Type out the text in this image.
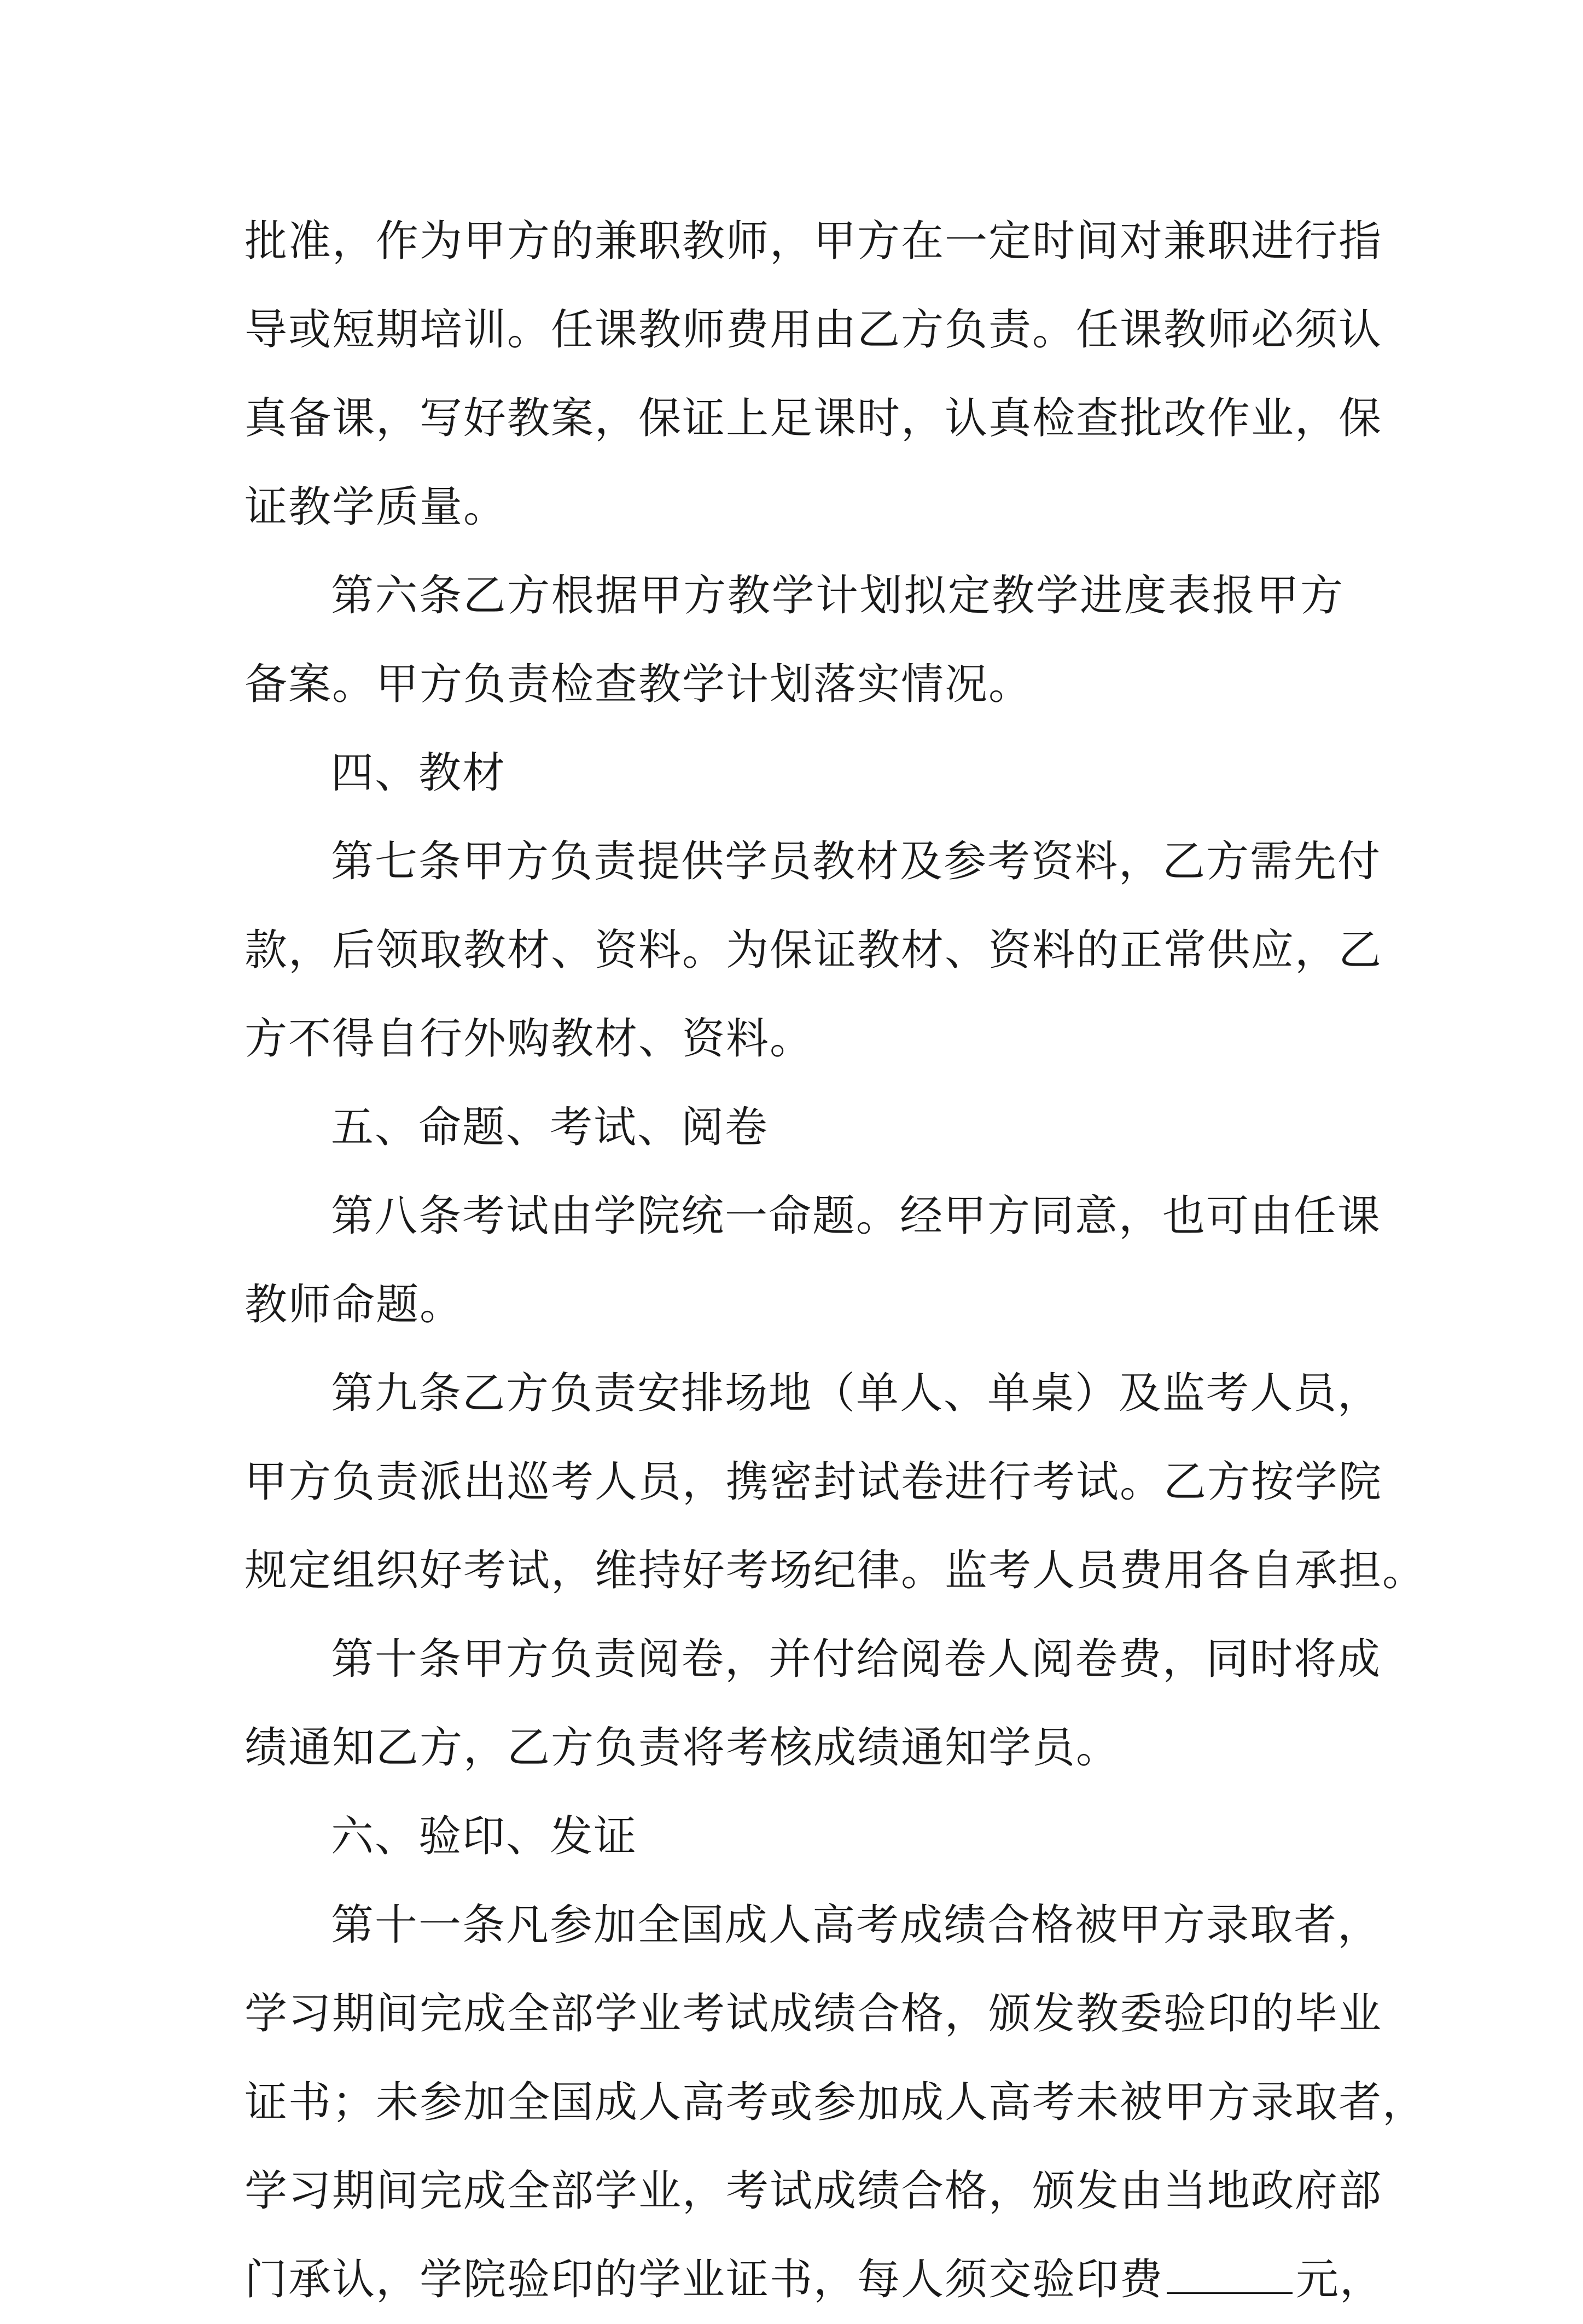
批准，作为甲方的兼职教师，甲方在一定时间对兼职进行指
导或短期培训。任课教师费用由乙方负责。任课教师必须认
真备课，写好教案，保证上足课时，认真检查批改作业，保
证教学质量。
第六条乙方根据甲方教学计划拟定教学进度表报甲方
备案。甲方负责检查教学计划落实情况。
四、教材
第七条甲方负责提供学员教材及参考资料，乙方需先付
款，后领取教材、资料。为保证教材、资料的正常供应，乙
方不得自行外购教材、资料。
五、命题、考试、阅卷
第八条考试由学院统一命题。经甲方同意，也可由任课
教师命题。
第九条乙方负责安排场地（单人、单桌）及监考人员，
甲方负责派出巡考人员，携密封试卷进行考试。乙方按学院
规定组织好考试，维持好考场纪律。监考人员费用各自承担。
第十条甲方负责阅卷，并付给阅卷人阅卷费，同时将成
绩通知乙方，乙方负责将考核成绩通知学员。
六、验印、发证
第十一条凡参加全国成人高考成绩合格被甲方录取者，
学习期间完成全部学业考试成绩合格，颁发教委验印的毕业
证书；未参加全国成人高考或参加成人高考未被甲方录取者，
学习期间完成全部学业，考试成绩合格，颁发由当地政府部
门承认，学院验印的学业证书，每人须交验印费	元，
